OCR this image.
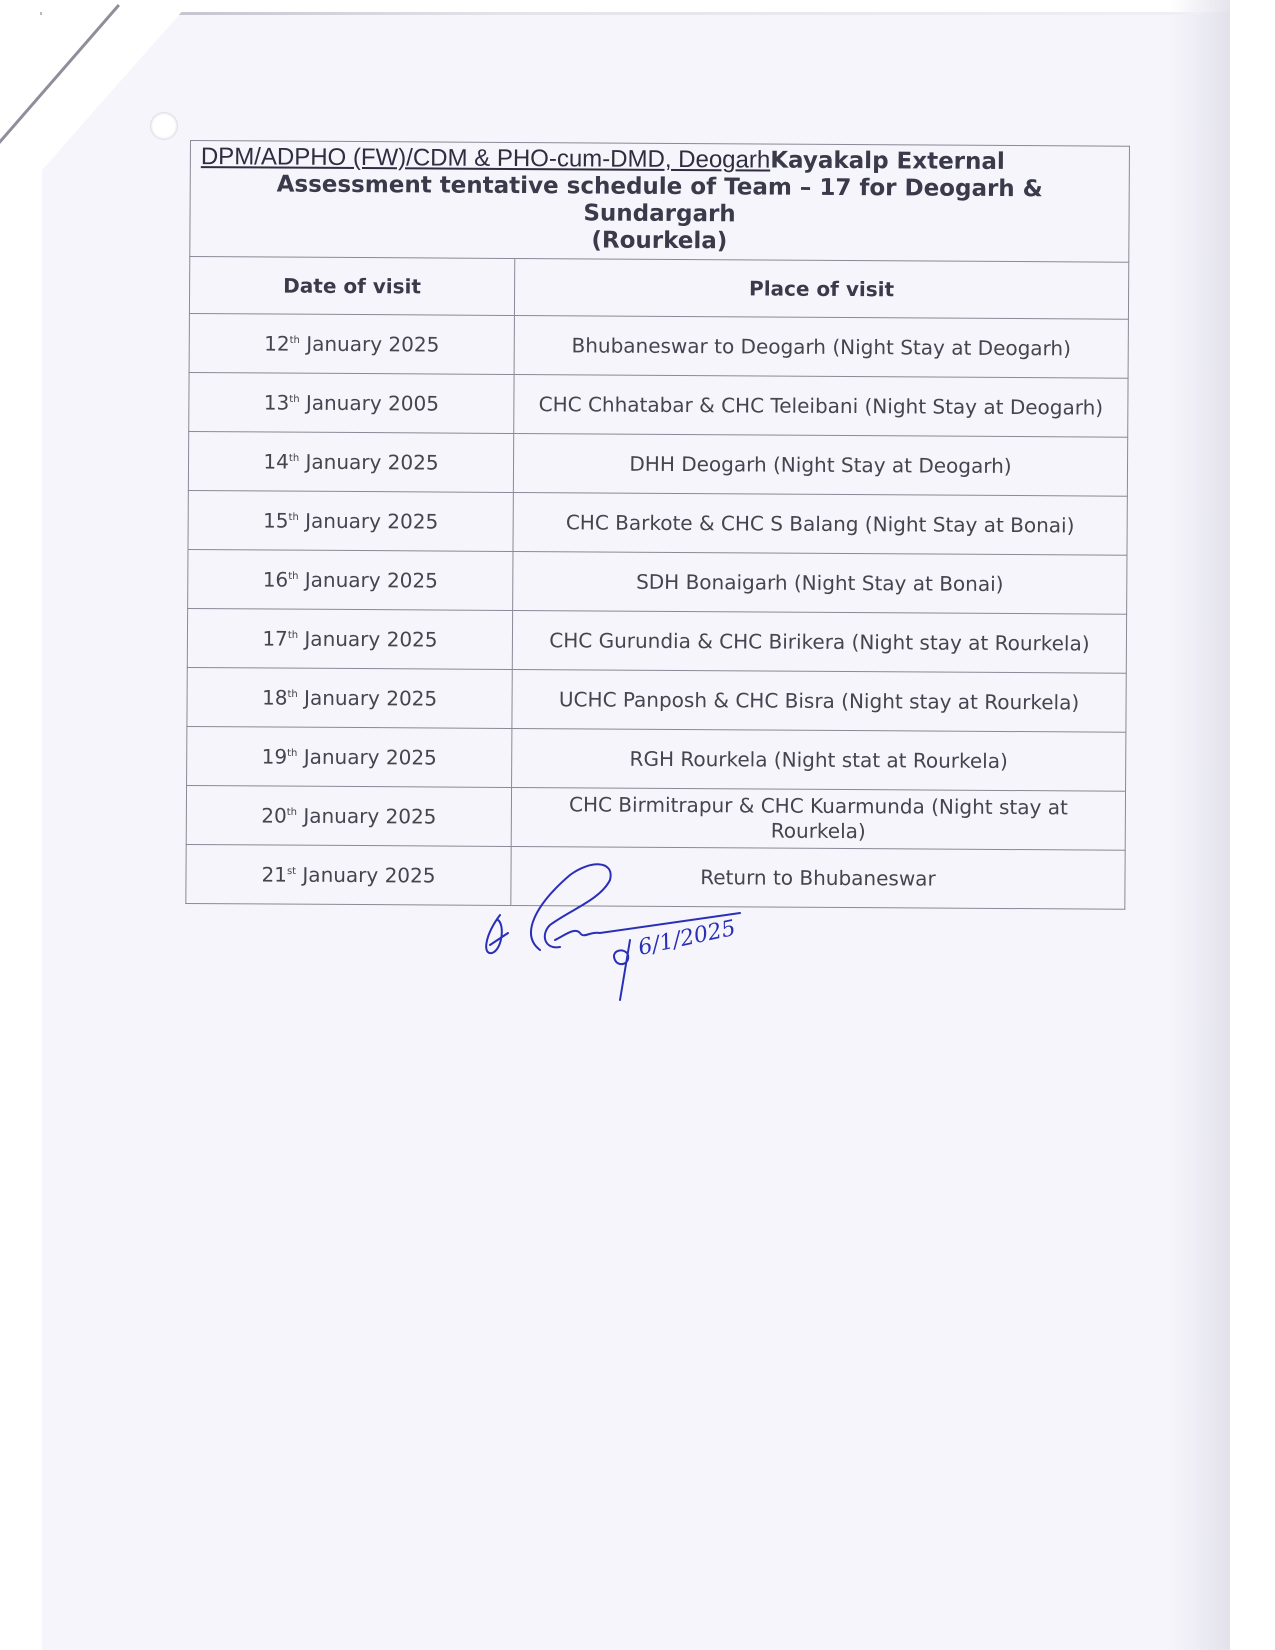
DPM/ADPHO (FW)/CDM & PHO-cum-DMD, DeogarhKayakalp External
Assessment tentative schedule of Team – 17 for Deogarh & Sundargarh
(Rourkela)	
Date of visit	Place of visit
12th January 2025	Bhubaneswar to Deogarh (Night Stay at Deogarh)
13th January 2005	CHC Chhatabar & CHC Teleibani (Night Stay at Deogarh)
14th January 2025	DHH Deogarh (Night Stay at Deogarh)
15th January 2025	CHC Barkote & CHC S Balang (Night Stay at Bonai)
16th January 2025	SDH Bonaigarh (Night Stay at Bonai)
17th January 2025	CHC Gurundia & CHC Birikera (Night stay at Rourkela)
18th January 2025	UCHC Panposh & CHC Bisra (Night stay at Rourkela)
19th January 2025	RGH Rourkela (Night stat at Rourkela)
20th January 2025	CHC Birmitrapur & CHC Kuarmunda (Night stay at Rourkela)
21st January 2025	Return to Bhubaneswar
6/1/2025
